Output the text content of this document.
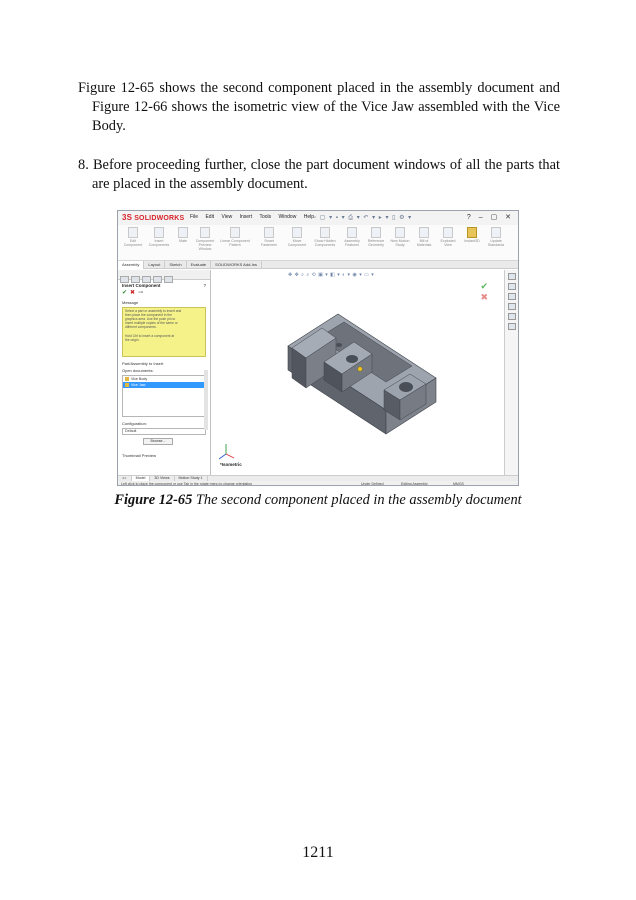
Figure 12-65 shows the second component placed in the assembly document and Figure 12-66 shows the isometric view of the Vice Jaw assembled with the Vice Body.

8. Before proceeding further, close the part document windows of all the parts that are placed in the assembly document.

3S SOLIDWORKS File Edit View Insert Tools Window Help ▫ ▢ ▾ ▪ ▾ ⎙ ▾ ↶ ▾ ▸ ▾ ▯ ⚙ ▾	? ‒ ▢ ✕
Edit Component
Insert Components
Mate	Component Preview Window
Linear Component Pattern
Smart Fasteners
Move Component
Show Hidden Components
Assembly Features
Reference Geometry
New Motion Study
Bill of Materials
Exploded View
Instant3D	Update Standards
Assembly	Layout	Sketch	Evaluate	SOLIDWORKS Add-Ins
Insert Component	?
✔ ✖ ⊸
Message
Select a part or assembly to insert and
then place the component in the
graphics area. Use the push pin to
insert multiple copies of the same or
different components.

Hold Ctrl to insert a component at
the origin.
Part/Assembly to Insert
Open documents:
Vice Body
Vice Jaw
Configuration:
Default
Browse...
Thumbnail Preview
✥ ✥ ⌕ ⌕ ⟲ ▣ ▾ ◧ ▾ ◐ ▾ ◉ ▾ ▭ ▾
✔
✖
*Isometric
◂ ▸	Model	3D Views	Motion Study 1
Left click to place the component or use Tab in the rotate menu to change orientation	Under Defined	Editing Assembly	MMGS

Figure 12-65 The second component placed in the assembly document

1211
